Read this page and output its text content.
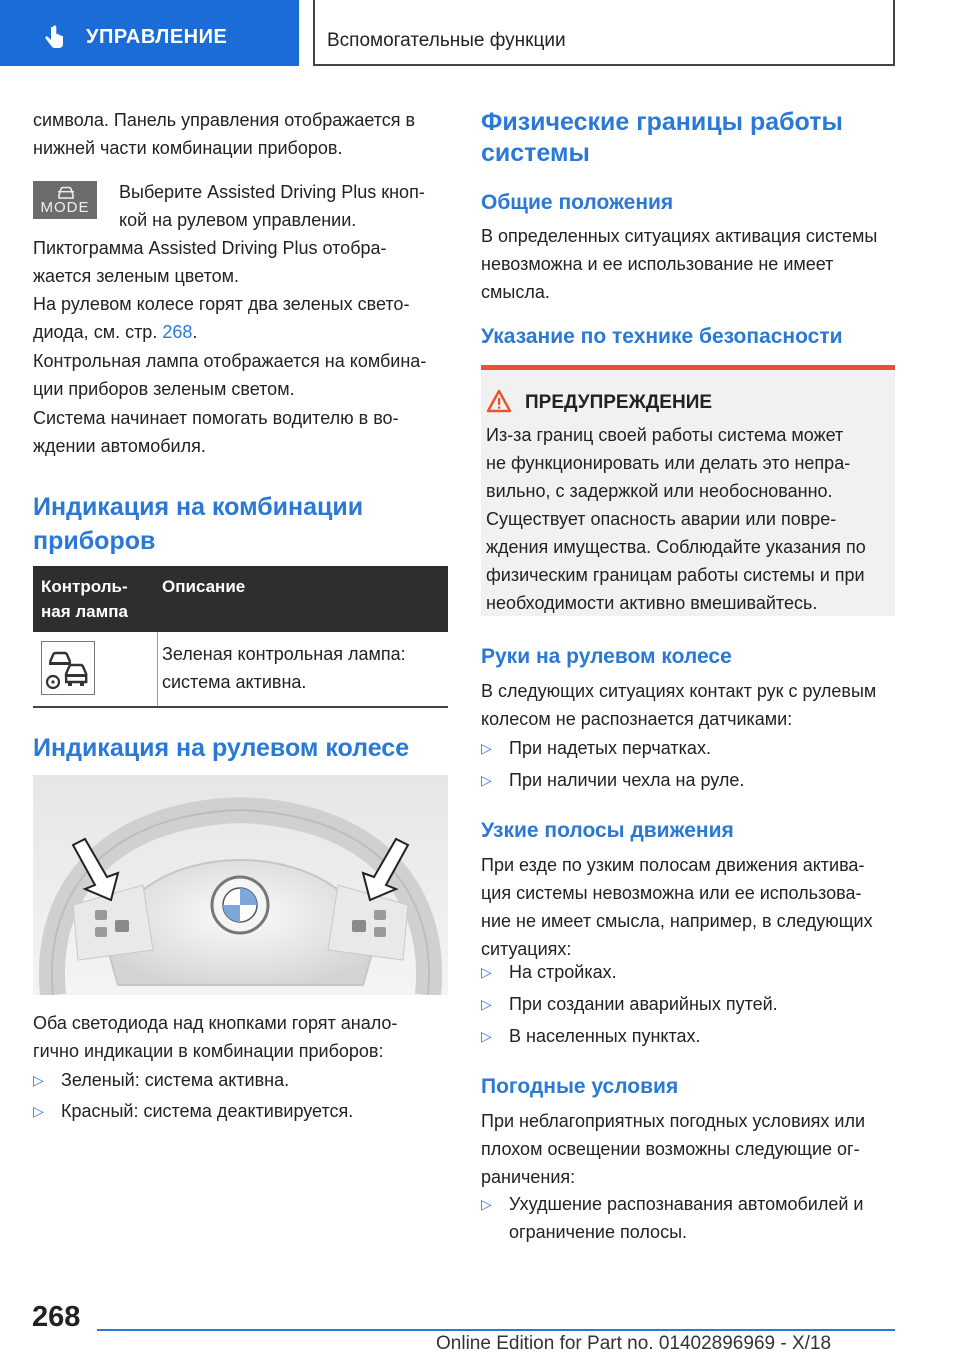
УПРАВЛЕНИЕ	Вспомогательные функции
символа. Панель управления отображается в
нижней части комбинации приборов.
MODE
Выберите Assisted Driving Plus кноп-
кой на рулевом управлении.
Пиктограмма Assisted Driving Plus отобра-
жается зеленым цветом.
На рулевом колесе горят два зеленых свето-
диода, см. стр. 268.
Контрольная лампа отображается на комбина-
ции приборов зеленым светом.
Система начинает помогать водителю в во-
ждении автомобиля.
Индикация на комбинации
приборов
Контроль-
ная лампа
Описание
Зеленая контрольная лампа:
система активна.
Индикация на рулевом колесе
Оба светодиода над кнопками горят анало-
гично индикации в комбинации приборов:
▷ Зеленый: система активна.
▷ Красный: система деактивируется.
Физические границы работы
системы
Общие положения
В определенных ситуациях активация системы
невозможна и ее использование не имеет
смысла.
Указание по технике безопасности
ПРЕДУПРЕЖДЕНИЕ
Из-за границ своей работы система может
не функционировать или делать это непра-
вильно, с задержкой или необоснованно.
Существует опасность аварии или повре-
ждения имущества. Соблюдайте указания по
физическим границам работы системы и при
необходимости активно вмешивайтесь.
Руки на рулевом колесе
В следующих ситуациях контакт рук с рулевым
колесом не распознается датчиками:
▷ При надетых перчатках.
▷ При наличии чехла на руле.
Узкие полосы движения
При езде по узким полосам движения актива-
ция системы невозможна или ее использова-
ние не имеет смысла, например, в следующих
ситуациях:
▷ На стройках.
▷ При создании аварийных путей.
▷ В населенных пунктах.
Погодные условия
При неблагоприятных погодных условиях или
плохом освещении возможны следующие ог-
раничения:
▷ Ухудшение распознавания автомобилей и
ограничение полосы.
268
Online Edition for Part no. 01402896969 - X/18
